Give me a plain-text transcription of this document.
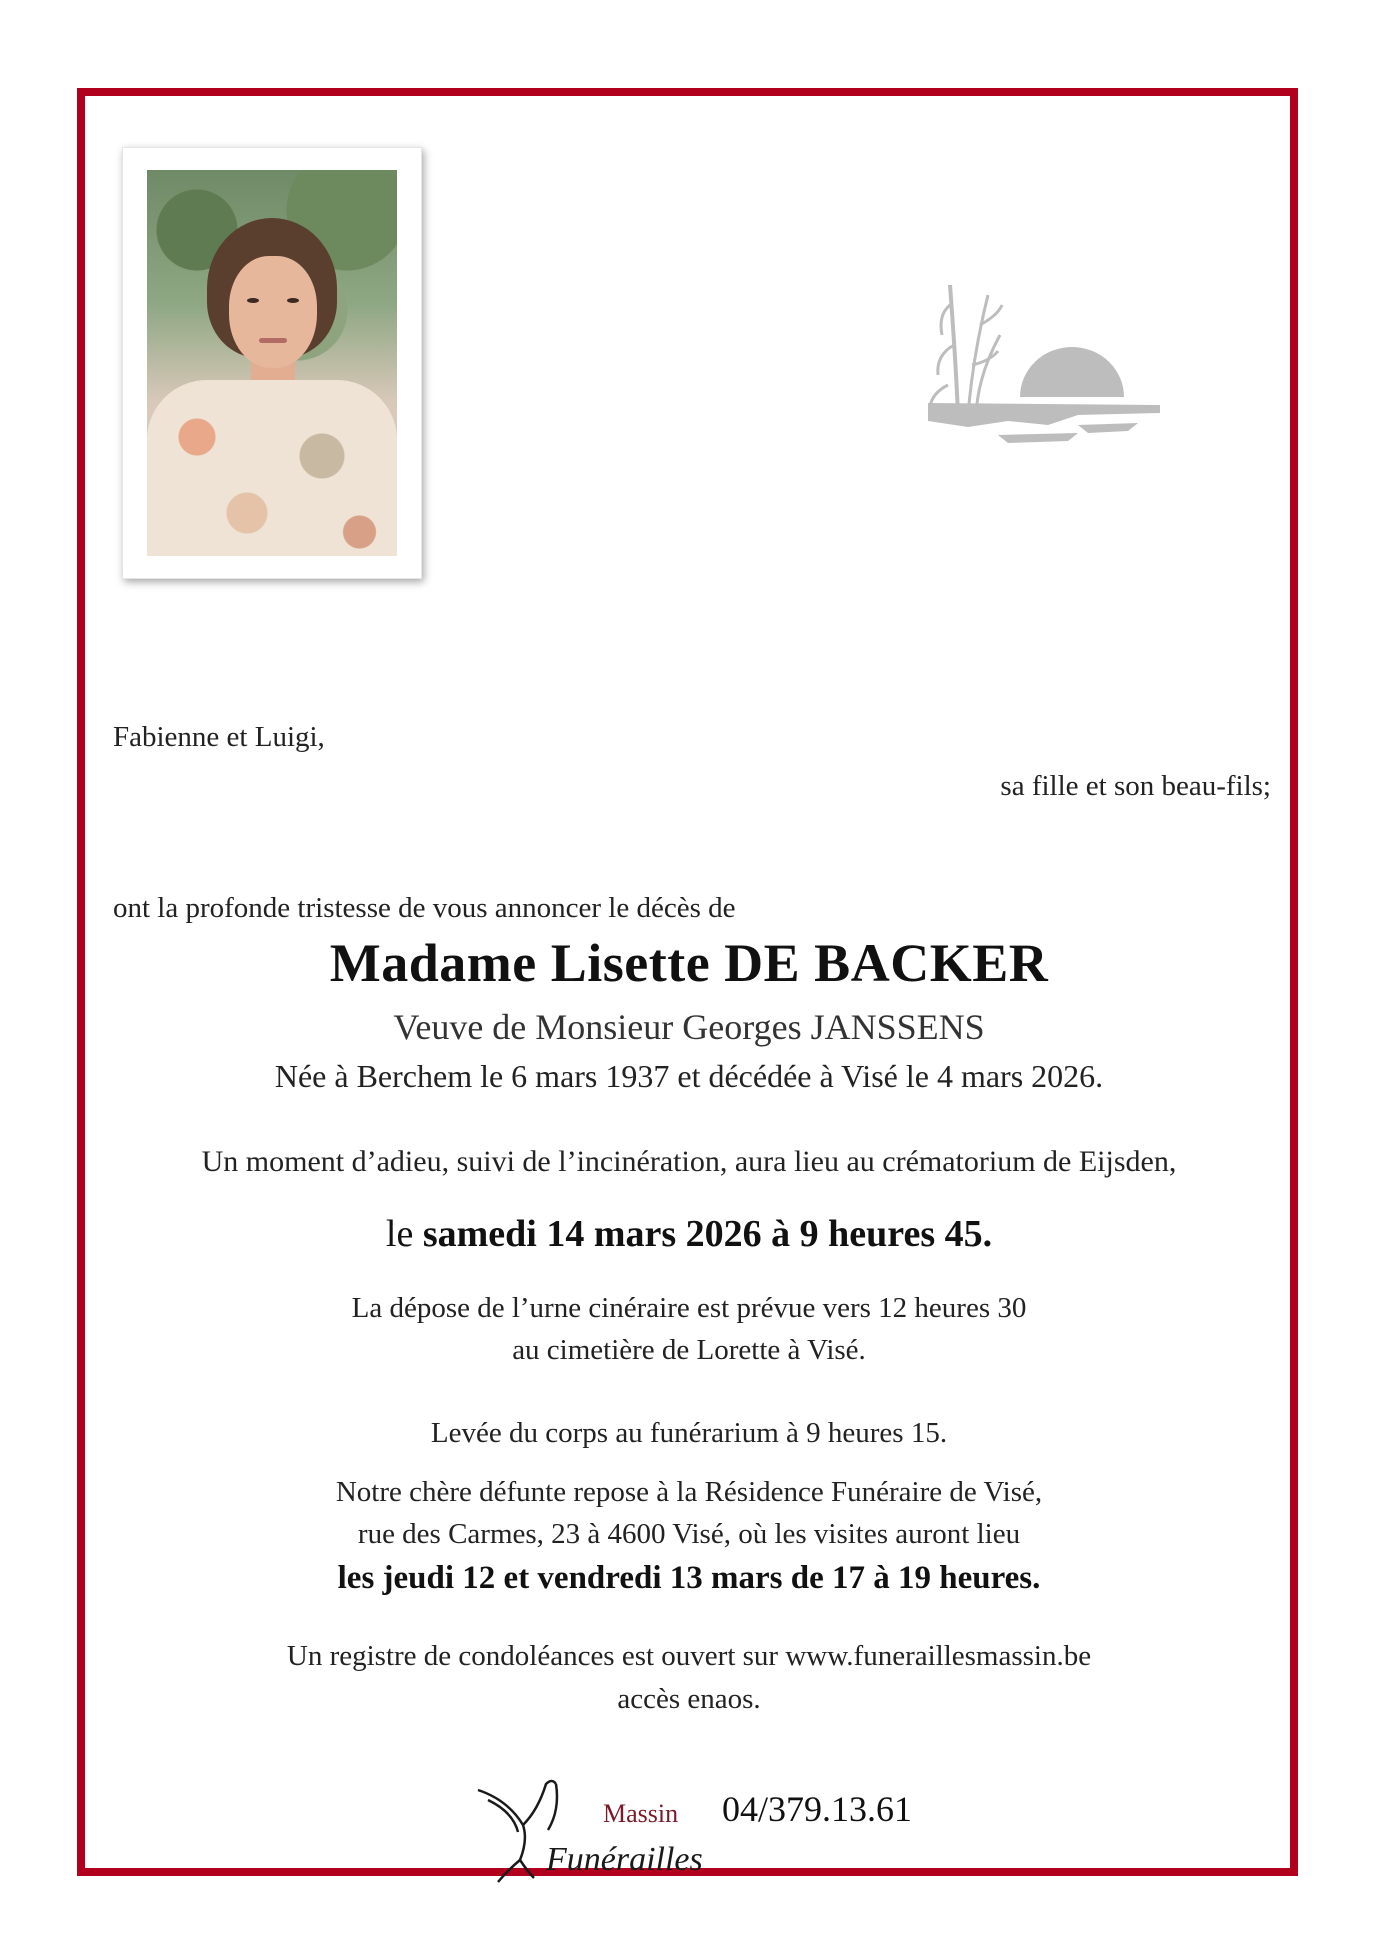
Fabienne et Luigi,
sa fille et son beau-fils;
ont la profonde tristesse de vous annoncer le décès de
Madame Lisette DE BACKER
Veuve de Monsieur Georges JANSSENS
Née à Berchem le 6 mars 1937 et décédée à Visé le 4 mars 2026.
Un moment d’adieu, suivi de l’incinération, aura lieu au crématorium de Eijsden,
le samedi 14 mars 2026 à 9 heures 45.
La dépose de l’urne cinéraire est prévue vers 12 heures 30
au cimetière de Lorette à Visé.
Levée du corps au funérarium à 9 heures 15.
Notre chère défunte repose à la Résidence Funéraire de Visé,
rue des Carmes, 23 à 4600 Visé, où les visites auront lieu
les jeudi 12 et vendredi 13 mars de 17 à 19 heures.
Un registre de condoléances est ouvert sur www.funeraillesmassin.be
accès enaos.
Massin
Funérailles
04/379.13.61
